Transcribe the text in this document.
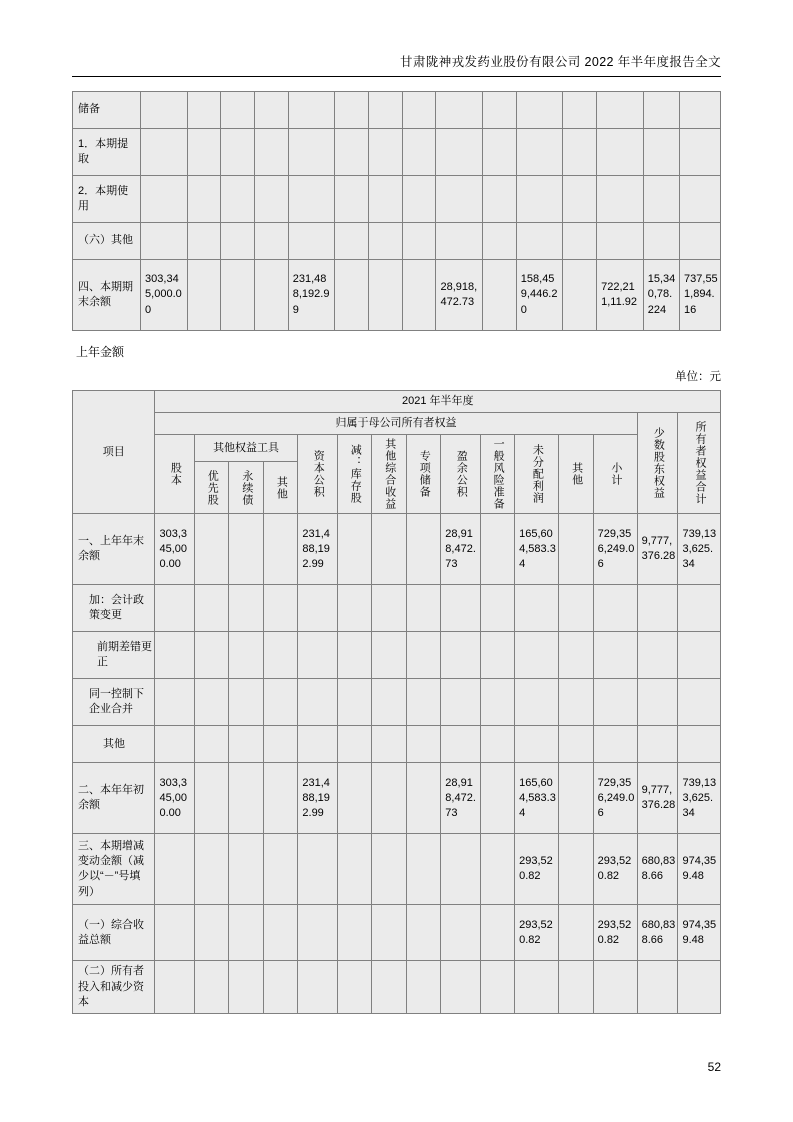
甘肃陇神戎发药业股份有限公司 2022 年半年度报告全文
储备															
1．本期提取															
2．本期使用															
（六）其他															
四、本期期末余额	303,345,000.00				231,488,192.99				28,918,472.73		158,459,446.20		722,211,11.92	15,340,78.224	737,551,894.16
上年金额
单位：元
项目	2021 年半年度														
	归属于母公司所有者权益													少数股东权益	所有者权益合计

	股本	其他权益工具			资本公积	减：库存股	其他综合收益	专项储备	盈余公积	一般风险准备	未分配利润	其他	小计		

		优先股	永续债	其他											

一、上年年末余额	303,345,000.00				231,488,192.99				28,918,472.73		165,604,583.34		729,356,249.06	9,777,376.28	739,133,625.34
加：会计政策变更															
前期差错更正															
同一控制下企业合并															
其他															
二、本年年初余额	303,345,000.00				231,488,192.99				28,918,472.73		165,604,583.34		729,356,249.06	9,777,376.28	739,133,625.34
三、本期增减变动金额（减少以“－”号填列）											293,520.82		293,520.82	680,838.66	974,359.48
（一）综合收益总额											293,520.82		293,520.82	680,838.66	974,359.48
（二）所有者投入和减少资本															
52
